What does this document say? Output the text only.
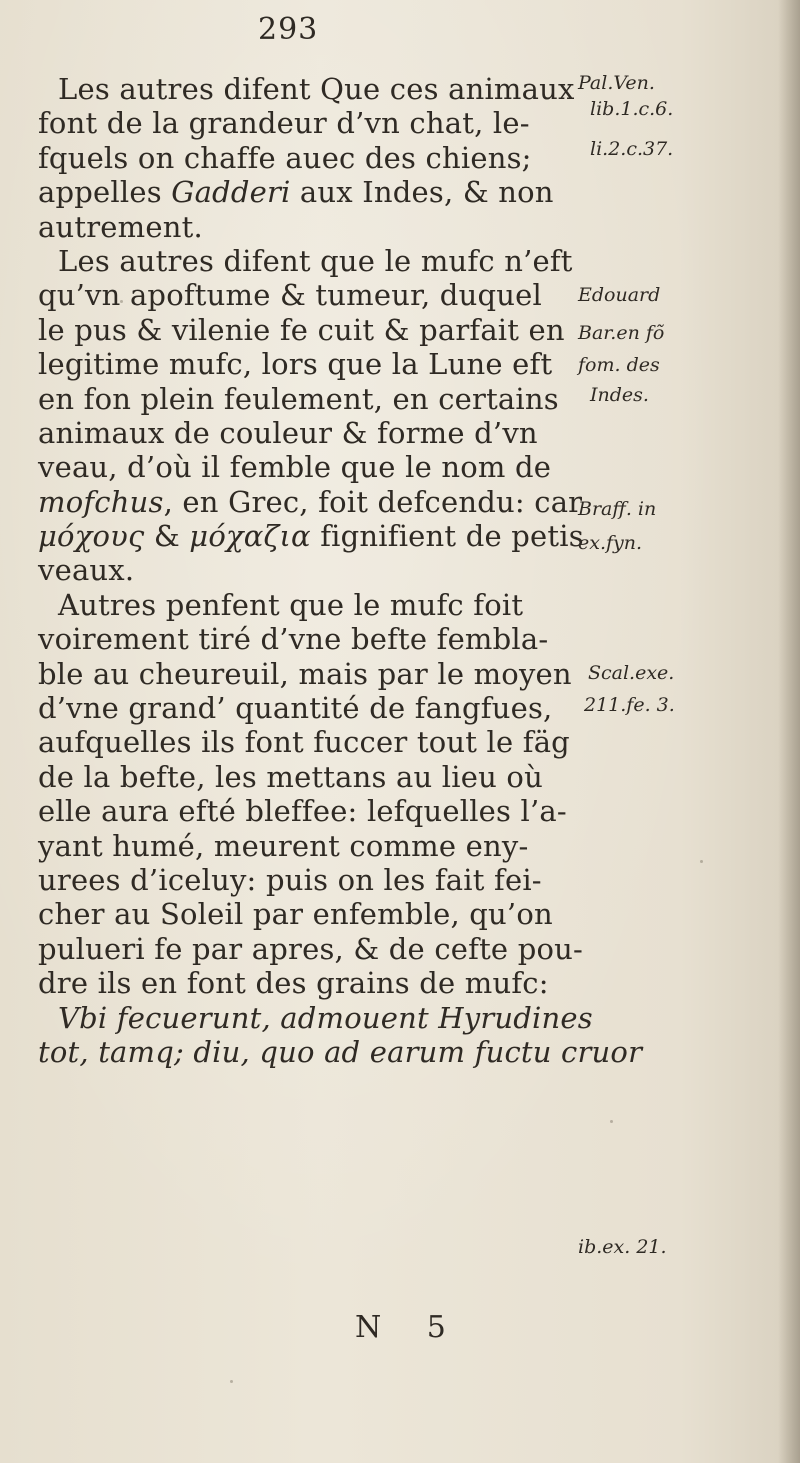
293
Les autres difent Que ces animaux
font de la grandeur d’vn chat, le-
fquels on chaffe auec des chiens;
appelles Gadderi aux Indes, & non
autrement.
Les autres difent que le mufc n’eft
qu’vn apoftume & tumeur, duquel
le pus & vilenie fe cuit & parfait en
legitime mufc, lors que la Lune eft
en fon plein feulement, en certains
animaux de couleur & forme d’vn
veau, d’où il femble que le nom de
mofchus, en Grec, foit defcendu: car
μόχους & μόχαζια fignifient de petis
veaux.
Autres penfent que le mufc foit
voirement tiré d’vne befte fembla-
ble au cheureuil, mais par le moyen
d’vne grand’ quantité de fangfues,
aufquelles ils font fuccer tout le fäg
de la befte, les mettans au lieu où
elle aura efté bleffee: lefquelles l’a-
yant humé, meurent comme eny-
urees d’iceluy: puis on les fait fei-
cher au Soleil par enfemble, qu’on
pulueri fe par apres, & de cefte pou-
dre ils en font des grains de mufc:
Vbi fecuerunt, admouent Hyrudines
tot, tamq; diu, quo ad earum fuctu cruor
Pal.Ven.
lib.1.c.6.
li.2.c.37.
Edouard
Bar.en fõ
fom. des
Indes.
Braff. in
ex.fyn.
Scal.exe.
211.fe. 3.
ib.ex. 21.
N 5
